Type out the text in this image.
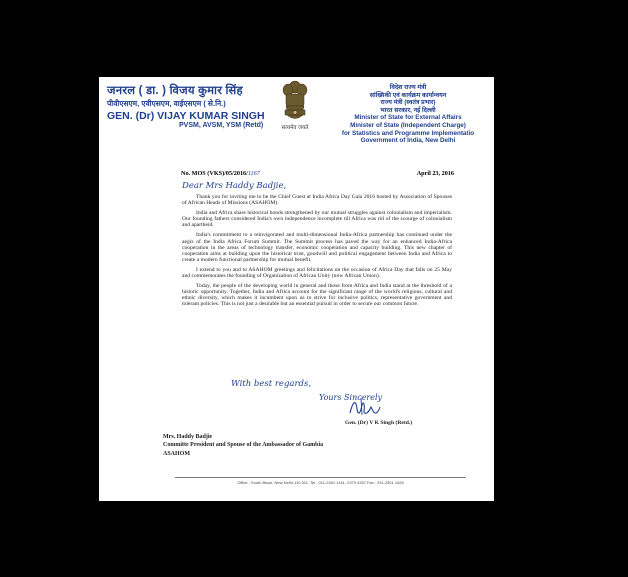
जनरल ( डा. ) विजय कुमार सिंह
पीवीएसएम, एवीएसएम, वाईएसएम ( से.नि.)
GEN. (Dr) VIJAY KUMAR SINGH
PVSM, AVSM, YSM (Retd)	सत्यमेव जयते
विदेश राज्य मंत्री
सांख्यिकी एवं कार्यक्रम कार्यान्वयन
राज्य मंत्री (स्वतंत्र प्रभार)
भारत सरकार, नई दिल्ली
Minister of State for External Affairs
Minister of State (Independent Charge)
for Statistics and Programme Implementatio
Government of India, New Delhi
No. MOS (VKS)/05/2016/1167	April 23, 2016
Dear Mrs Haddy Badjie,

Thank you for inviting me to be the Chief Guest at India Africa Day Gala 2016 hosted by Association of Spouses of African Heads of Missions (ASAHOM).

India and Africa share historical bonds strengthened by our mutual struggles against colonialism and imperialism. Our founding fathers considered India's own independence incomplete till Africa was rid of the scourge of colonialism and apartheid.

India's commitment to a reinvigorated and multi-dimensional India-Africa partnership has continued under the aegis of the India Africa Forum Summit. The Summit process has paved the way for an enhanced India-Africa cooperation in the areas of technology transfer, economic cooperation and capacity building. This new chapter of cooperation aims at building upon the historical trust, goodwill and political engagement between India and Africa to create a modern functional partnership for mutual benefit.

I extend to you and to ASAHOM greetings and felicitations on the occasion of Africa Day that falls on 25 May and commemorates the founding of Organization of African Unity (now African Union).

Today, the people of the developing world in general and those from Africa and India stand at the threshold of a historic opportunity. Together, India and Africa account for the significant range of the world's religious, cultural and ethnic diversity, which makes it incumbent upon us to strive for inclusive politics, representative government and tolerant policies. This is not just a desirable but an essential pursuit in order to secure our common future.

With best regards,
Yours Sincerely
Gen. (Dr) V K Singh (Retd.)
Mrs. Haddy Badjie
Committe President and Spouse of the Ambassador of Gambia
ASAHOM
Office : South Block, New Delhi-110 011, Tel : 011-2301 1141, 2379 4337 Fax : 011-2301 1425
